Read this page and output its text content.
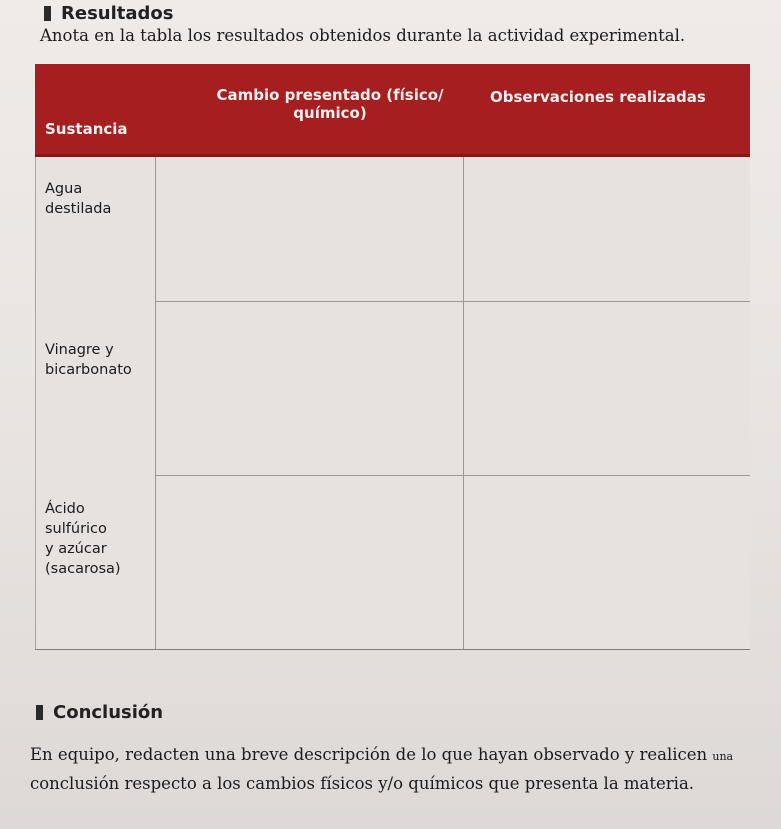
Resultados
Anota en la tabla los resultados obtenidos durante la actividad experimental.
Sustancia
Cambio presentado (físico/
químico)
Observaciones realizadas
Agua
destilada
Vinagre y
bicarbonato
Ácido
sulfúrico
y azúcar
(sacarosa)
Conclusión
En equipo, redacten una breve descripción de lo que hayan observado y realicen una
conclusión respecto a los cambios físicos y/o químicos que presenta la materia.
